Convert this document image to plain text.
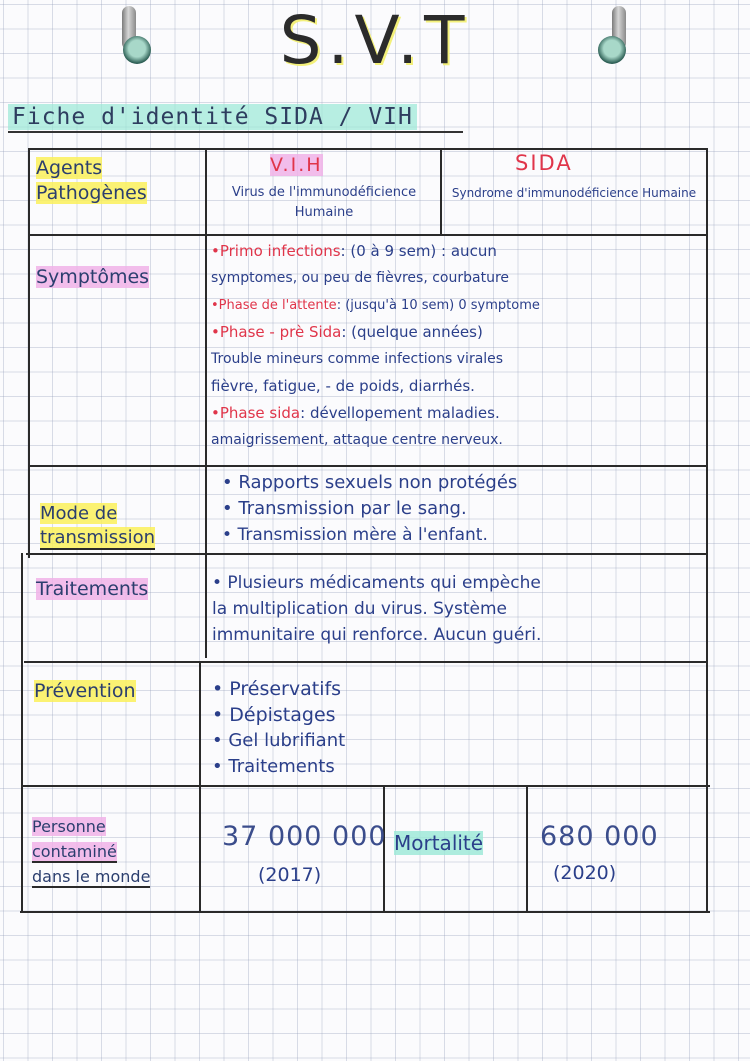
S.V.T
Fiche d'identité SIDA / VIH
Agents
Pathogènes
V.I.H
Virus de l'immunodéficience Humaine
SIDA
Syndrome d'immunodéficience Humaine
Symptômes
•Primo infections: (0 à 9 sem) : aucun
symptomes, ou peu de fièvres, courbature
•Phase de l'attente: (jusqu'à 10 sem) 0 symptome
•Phase - prè Sida: (quelque années)
Trouble mineurs comme infections virales
fièvre, fatigue, - de poids, diarrhés.
•Phase sida: dévellopement maladies.
amaigrissement, attaque centre nerveux.
Mode de
transmission
• Rapports sexuels non protégés
• Transmission par le sang.
• Transmission mère à l'enfant.
Traitements	• Plusieurs médicaments qui empèche
la multiplication du virus. Système
immunitaire qui renforce. Aucun guéri.
Prévention	• Préservatifs
• Dépistages
• Gel lubrifiant
• Traitements
Personne
contaminé
dans le monde
37 000 000
(2017)
Mortalité 680 000
(2020)
